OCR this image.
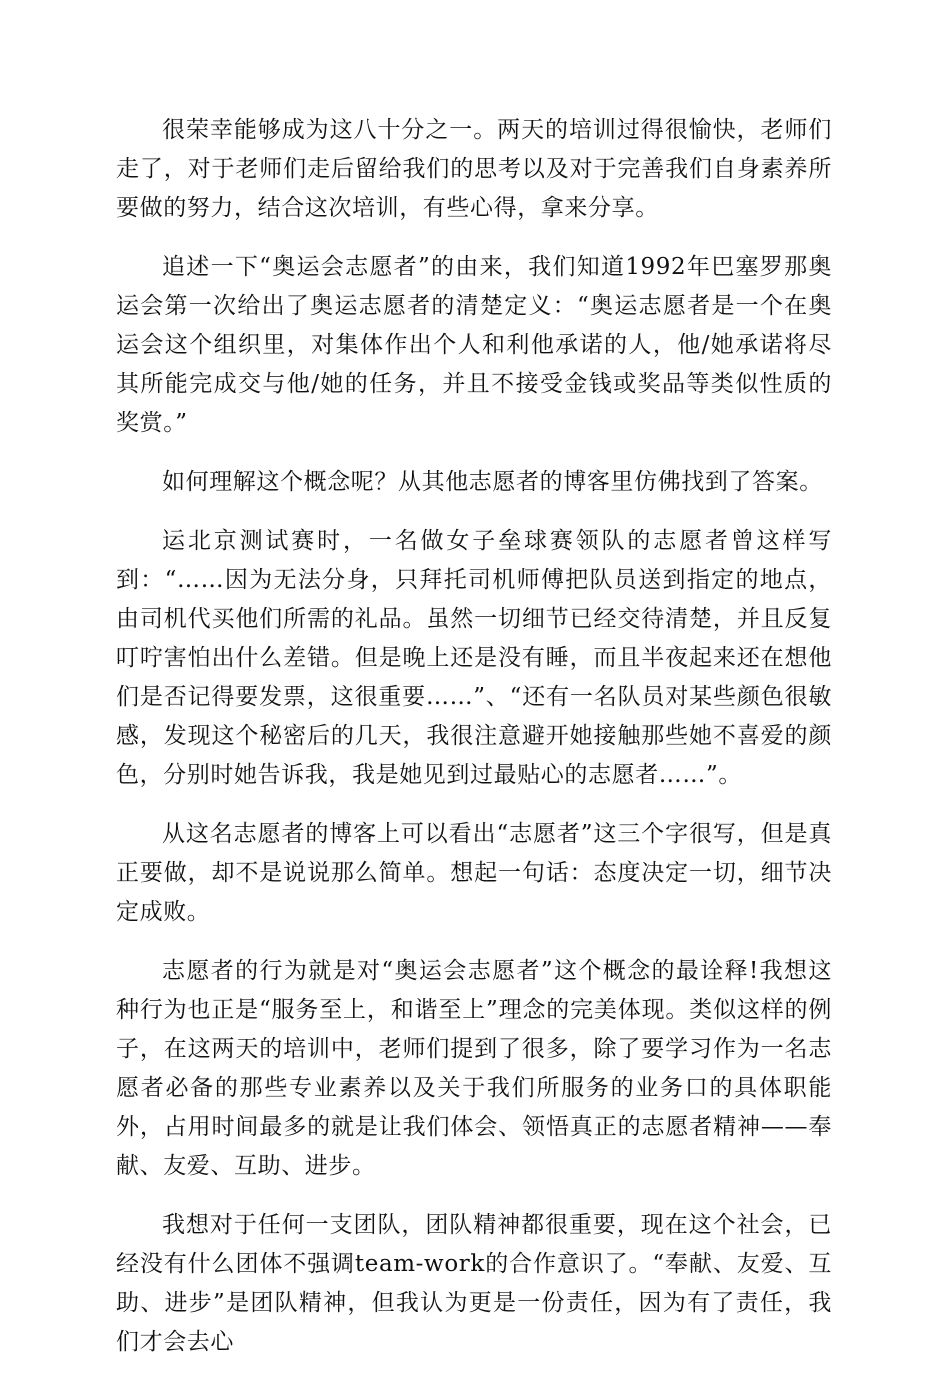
很荣幸能够成为这八十分之一。两天的培训过得很愉快，老师们走了，对于老师们走后留给我们的思考以及对于完善我们自身素养所要做的努力，结合这次培训，有些心得，拿来分享。

追述一下“奥运会志愿者”的由来，我们知道1992年巴塞罗那奥运会第一次给出了奥运志愿者的清楚定义：“奥运志愿者是一个在奥运会这个组织里，对集体作出个人和利他承诺的人，他/她承诺将尽其所能完成交与他/她的任务，并且不接受金钱或奖品等类似性质的奖赏。”

如何理解这个概念呢？从其他志愿者的博客里仿佛找到了答案。

运北京测试赛时，一名做女子垒球赛领队的志愿者曾这样写到：“……因为无法分身，只拜托司机师傅把队员送到指定的地点，由司机代买他们所需的礼品。虽然一切细节已经交待清楚，并且反复叮咛害怕出什么差错。但是晚上还是没有睡，而且半夜起来还在想他们是否记得要发票，这很重要……”、“还有一名队员对某些颜色很敏感，发现这个秘密后的几天，我很注意避开她接触那些她不喜爱的颜色，分别时她告诉我，我是她见到过最贴心的志愿者……”。

从这名志愿者的博客上可以看出“志愿者”这三个字很写，但是真正要做，却不是说说那么简单。想起一句话：态度决定一切，细节决定成败。

志愿者的行为就是对“奥运会志愿者”这个概念的最诠释!我想这种行为也正是“服务至上，和谐至上”理念的完美体现。类似这样的例子，在这两天的培训中，老师们提到了很多，除了要学习作为一名志愿者必备的那些专业素养以及关于我们所服务的业务口的具体职能外，占用时间最多的就是让我们体会、领悟真正的志愿者精神——奉献、友爱、互助、进步。

我想对于任何一支团队，团队精神都很重要，现在这个社会，已经没有什么团体不强调team-work的合作意识了。“奉献、友爱、互助、进步”是团队精神，但我认为更是一份责任，因为有了责任，我们才会去心
